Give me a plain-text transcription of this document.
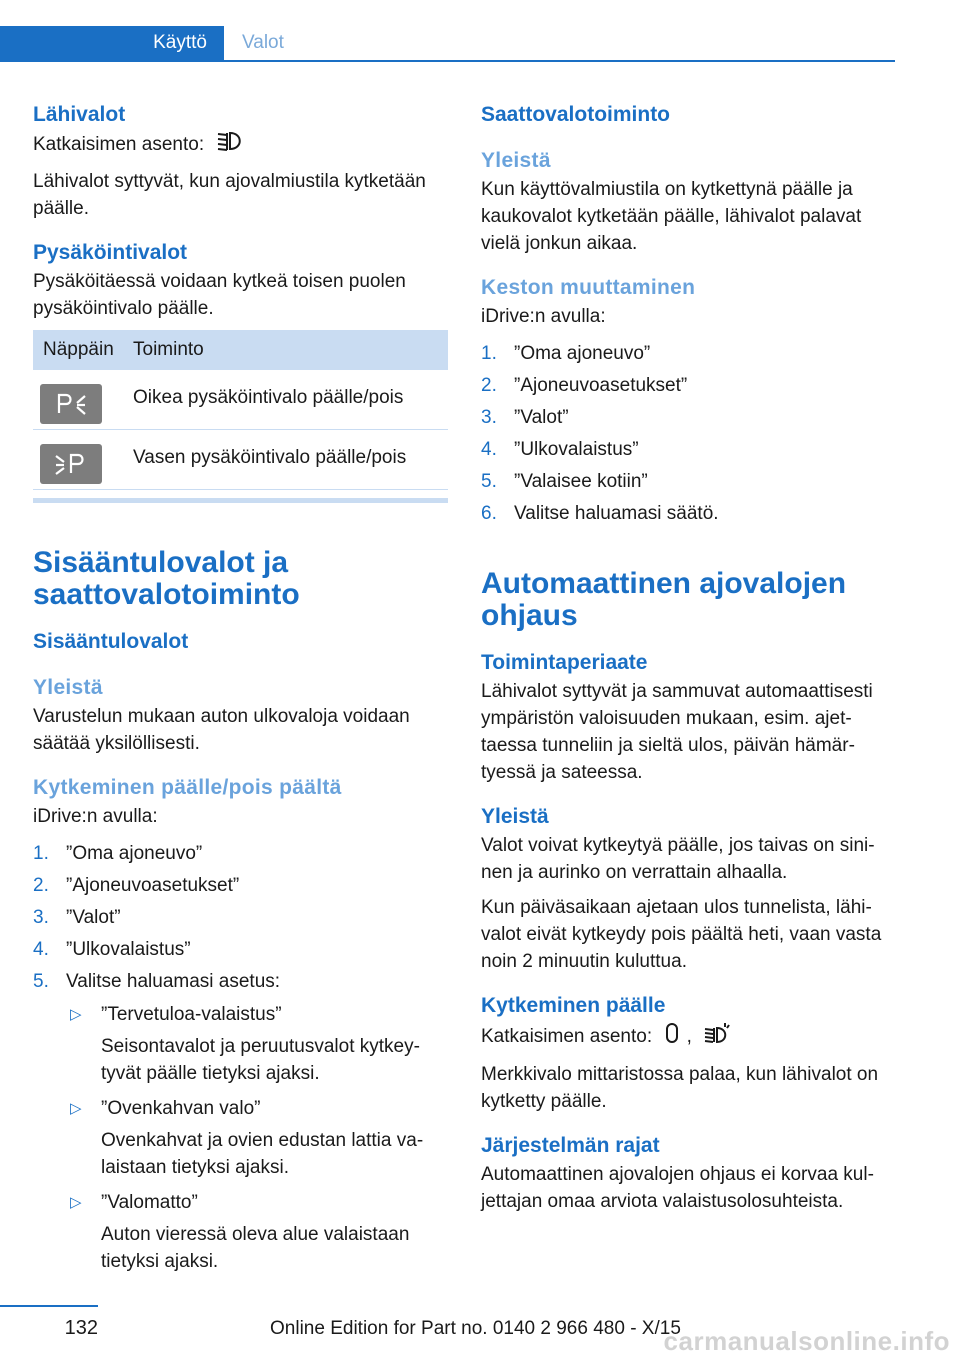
Käyttö	Valot
Lähivalot

Katkaisimen asento:

Lähivalot syttyvät, kun ajovalmiustila kytketään päälle.

Pysäköintivalot

Pysäköitäessä voidaan kytkeä toisen puolen pysäköintivalo päälle.

Näppäin	Toiminto
Oikea pysäköintivalo päälle/pois
Vasen pysäköintivalo päälle/pois
Sisääntulovalot ja saattovalotoiminto
Sisääntulovalot
Yleistä

Varustelun mukaan auton ulkovaloja voidaan säätää yksilöllisesti.

Kytkeminen päälle/pois päältä

iDrive:n avulla:

1. ”Oma ajoneuvo”
2. ”Ajoneuvoasetukset”
3. ”Valot”
4. ”Ulkovalaistus”
5. Valitse haluamasi asetus:
▷	”Tervetuloa-valaistus”
Seisontavalot ja peruutusvalot kytkeytyvät päälle tietyksi ajaksi.
▷	”Ovenkahvan valo”
Ovenkahvat ja ovien edustan lattia valaistaan tietyksi ajaksi.
▷	”Valomatto”
Auton vieressä oleva alue valaistaan tietyksi ajaksi.
Saattovalotoiminto
Yleistä

Kun käyttövalmiustila on kytkettynä päälle ja kaukovalot kytketään päälle, lähivalot palavat vielä jonkun aikaa.

Keston muuttaminen

iDrive:n avulla:

1. ”Oma ajoneuvo”
2. ”Ajoneuvoasetukset”
3. ”Valot”
4. ”Ulkovalaistus”
5. ”Valaisee kotiin”
6. Valitse haluamasi säätö.
Automaattinen ajovalojen ohjaus
Toimintaperiaate

Lähivalot syttyvät ja sammuvat automaattisesti ympäristön valoisuuden mukaan, esim. ajettaessa tunneliin ja sieltä ulos, päivän hämärtyessä ja sateessa.

Yleistä

Valot voivat kytkeytyä päälle, jos taivas on sininen ja aurinko on verrattain alhaalla.

Kun päiväsaikaan ajetaan ulos tunnelista, lähivalot eivät kytkeydy pois päältä heti, vaan vasta noin 2 minuutin kuluttua.

Kytkeminen päälle

Katkaisimen asento: ,

Merkkivalo mittaristossa palaa, kun lähivalot on kytketty päälle.

Järjestelmän rajat

Automaattinen ajovalojen ohjaus ei korvaa kuljettajan omaa arviota valaistusolosuhteista.

132	Online Edition for Part no. 0140 2 966 480 - X/15
carmanualsonline.info
